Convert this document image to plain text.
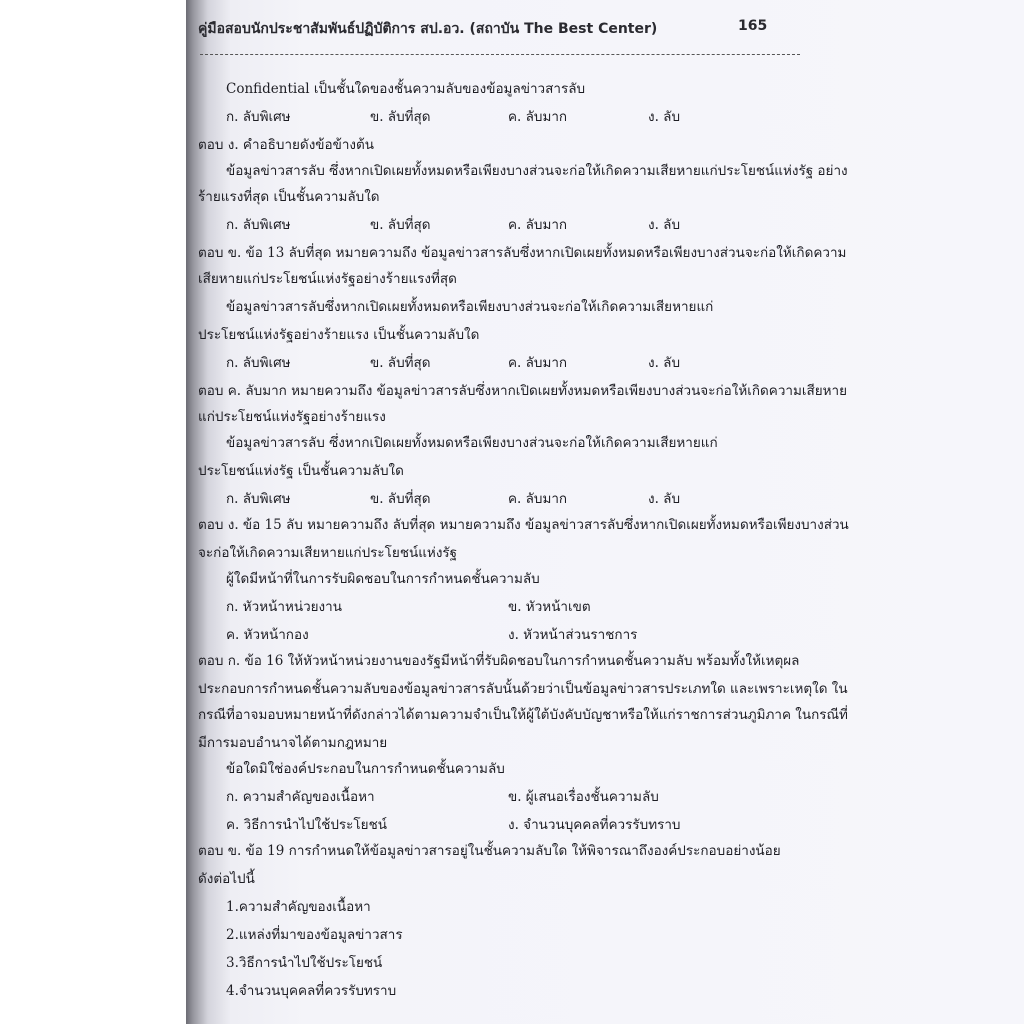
คู่มือสอบนักประชาสัมพันธ์ปฏิบัติการ สป.อว. (สถาบัน The Best Center)	165
Confidential เป็นชั้นใดของชั้นความลับของข้อมูลข่าวสารลับ
ก. ลับพิเศษ	ข. ลับที่สุด	ค. ลับมาก	ง. ลับ
ตอบ ง. คำอธิบายดังข้อข้างต้น
ข้อมูลข่าวสารลับ ซึ่งหากเปิดเผยทั้งหมดหรือเพียงบางส่วนจะก่อให้เกิดความเสียหายแก่ประโยชน์แห่งรัฐ อย่าง
ร้ายแรงที่สุด เป็นชั้นความลับใด
ก. ลับพิเศษ	ข. ลับที่สุด	ค. ลับมาก	ง. ลับ
ตอบ ข. ข้อ 13 ลับที่สุด หมายความถึง ข้อมูลข่าวสารลับซึ่งหากเปิดเผยทั้งหมดหรือเพียงบางส่วนจะก่อให้เกิดความ
เสียหายแก่ประโยชน์แห่งรัฐอย่างร้ายแรงที่สุด
ข้อมูลข่าวสารลับซึ่งหากเปิดเผยทั้งหมดหรือเพียงบางส่วนจะก่อให้เกิดความเสียหายแก่
ประโยชน์แห่งรัฐอย่างร้ายแรง เป็นชั้นความลับใด
ก. ลับพิเศษ	ข. ลับที่สุด	ค. ลับมาก	ง. ลับ
ตอบ ค. ลับมาก หมายความถึง ข้อมูลข่าวสารลับซึ่งหากเปิดเผยทั้งหมดหรือเพียงบางส่วนจะก่อให้เกิดความเสียหาย
แก่ประโยชน์แห่งรัฐอย่างร้ายแรง
ข้อมูลข่าวสารลับ ซึ่งหากเปิดเผยทั้งหมดหรือเพียงบางส่วนจะก่อให้เกิดความเสียหายแก่
ประโยชน์แห่งรัฐ เป็นชั้นความลับใด
ก. ลับพิเศษ	ข. ลับที่สุด	ค. ลับมาก	ง. ลับ
ตอบ ง. ข้อ 15 ลับ หมายความถึง ลับที่สุด หมายความถึง ข้อมูลข่าวสารลับซึ่งหากเปิดเผยทั้งหมดหรือเพียงบางส่วน
จะก่อให้เกิดความเสียหายแก่ประโยชน์แห่งรัฐ
ผู้ใดมีหน้าที่ในการรับผิดชอบในการกำหนดชั้นความลับ
ก. หัวหน้าหน่วยงาน	ข. หัวหน้าเขต
ค. หัวหน้ากอง	ง. หัวหน้าส่วนราชการ
ตอบ ก. ข้อ 16 ให้หัวหน้าหน่วยงานของรัฐมีหน้าที่รับผิดชอบในการกำหนดชั้นความลับ พร้อมทั้งให้เหตุผล
ประกอบการกำหนดชั้นความลับของข้อมูลข่าวสารลับนั้นด้วยว่าเป็นข้อมูลข่าวสารประเภทใด และเพราะเหตุใด ใน
กรณีที่อาจมอบหมายหน้าที่ดังกล่าวได้ตามความจำเป็นให้ผู้ใต้บังคับบัญชาหรือให้แก่ราชการส่วนภูมิภาค ในกรณีที่
มีการมอบอำนาจได้ตามกฎหมาย
ข้อใดมิใช่องค์ประกอบในการกำหนดชั้นความลับ
ก. ความสำคัญของเนื้อหา	ข. ผู้เสนอเรื่องชั้นความลับ
ค. วิธีการนำไปใช้ประโยชน์	ง. จำนวนบุคคลที่ควรรับทราบ
ตอบ ข. ข้อ 19 การกำหนดให้ข้อมูลข่าวสารอยู่ในชั้นความลับใด ให้พิจารณาถึงองค์ประกอบอย่างน้อย
ดังต่อไปนี้
1.ความสำคัญของเนื้อหา
2.แหล่งที่มาของข้อมูลข่าวสาร
3.วิธีการนำไปใช้ประโยชน์
4.จำนวนบุคคลที่ควรรับทราบ
